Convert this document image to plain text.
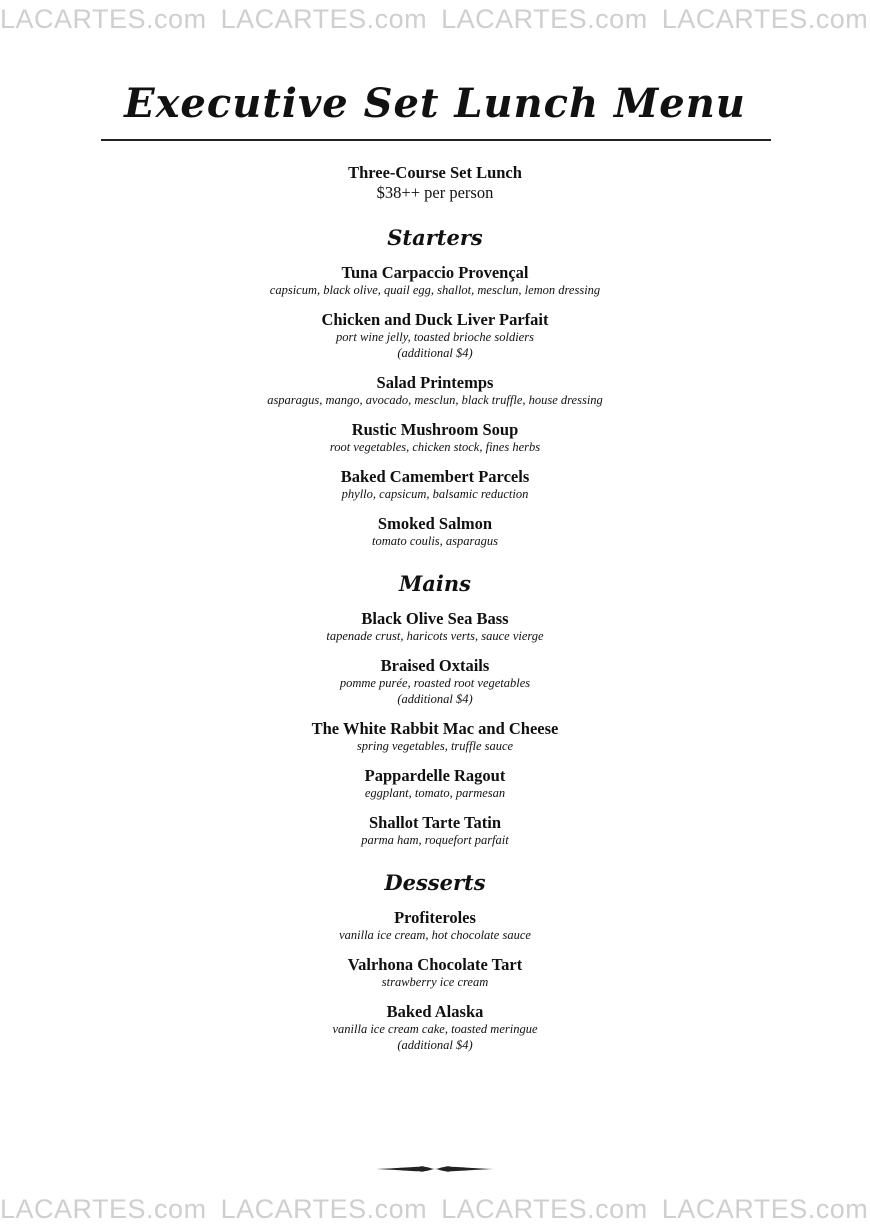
LACARTES.com LACARTES.com LACARTES.com LACARTES.com
LACARTES.com LACARTES.com LACARTES.com LACARTES.com
Executive Set Lunch Menu
Three-Course Set Lunch
$38++ per person
Starters
Tuna Carpaccio Provençal
capsicum, black olive, quail egg, shallot, mesclun, lemon dressing
Chicken and Duck Liver Parfait
port wine jelly, toasted brioche soldiers
(additional $4)
Salad Printemps
asparagus, mango, avocado, mesclun, black truffle, house dressing
Rustic Mushroom Soup
root vegetables, chicken stock, fines herbs
Baked Camembert Parcels
phyllo, capsicum, balsamic reduction
Smoked Salmon
tomato coulis, asparagus
Mains
Black Olive Sea Bass
tapenade crust, haricots verts, sauce vierge
Braised Oxtails
pomme purée, roasted root vegetables
(additional $4)
The White Rabbit Mac and Cheese
spring vegetables, truffle sauce
Pappardelle Ragout
eggplant, tomato, parmesan
Shallot Tarte Tatin
parma ham, roquefort parfait
Desserts
Profiteroles
vanilla ice cream, hot chocolate sauce
Valrhona Chocolate Tart
strawberry ice cream
Baked Alaska
vanilla ice cream cake, toasted meringue
(additional $4)
